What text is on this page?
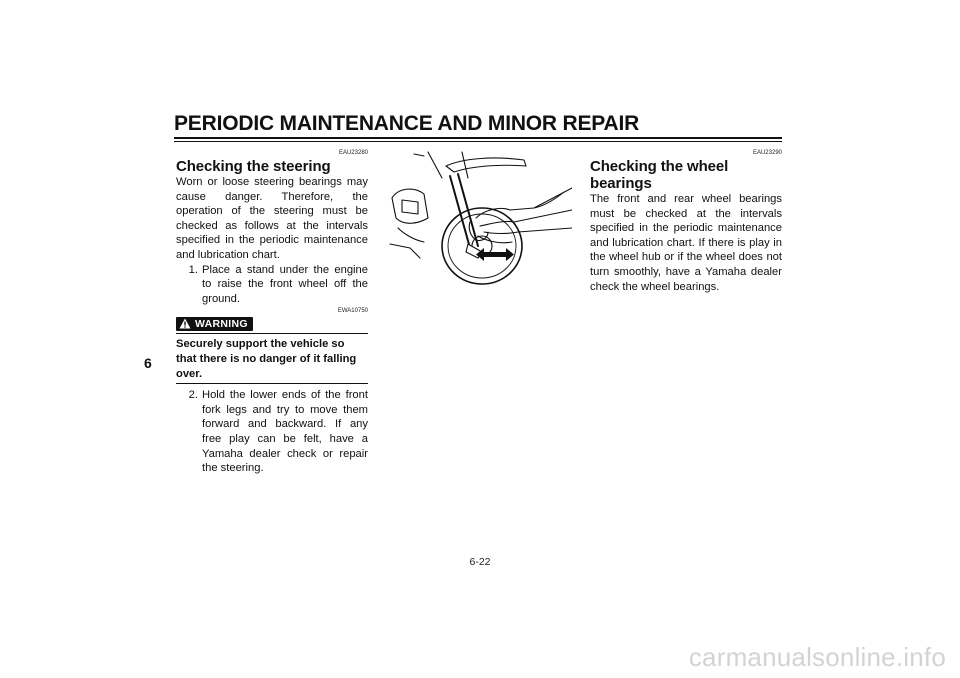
PERIODIC MAINTENANCE AND MINOR REPAIR
6
EAU23280
Checking the steering

Worn or loose steering bearings may cause danger. Therefore, the operation of the steering must be checked as follows at the intervals specified in the periodic maintenance and lubrication chart.

1. Place a stand under the engine to raise the front wheel off the ground.
EWA10750
WARNING
Securely support the vehicle so that there is no danger of it falling over.
2. Hold the lower ends of the front fork legs and try to move them forward and backward. If any free play can be felt, have a Yamaha dealer check or repair the steering.
EAU23290
Checking the wheel bearings

The front and rear wheel bearings must be checked at the intervals specified in the periodic maintenance and lubrication chart. If there is play in the wheel hub or if the wheel does not turn smoothly, have a Yamaha dealer check the wheel bearings.

6-22
carmanualsonline.info
